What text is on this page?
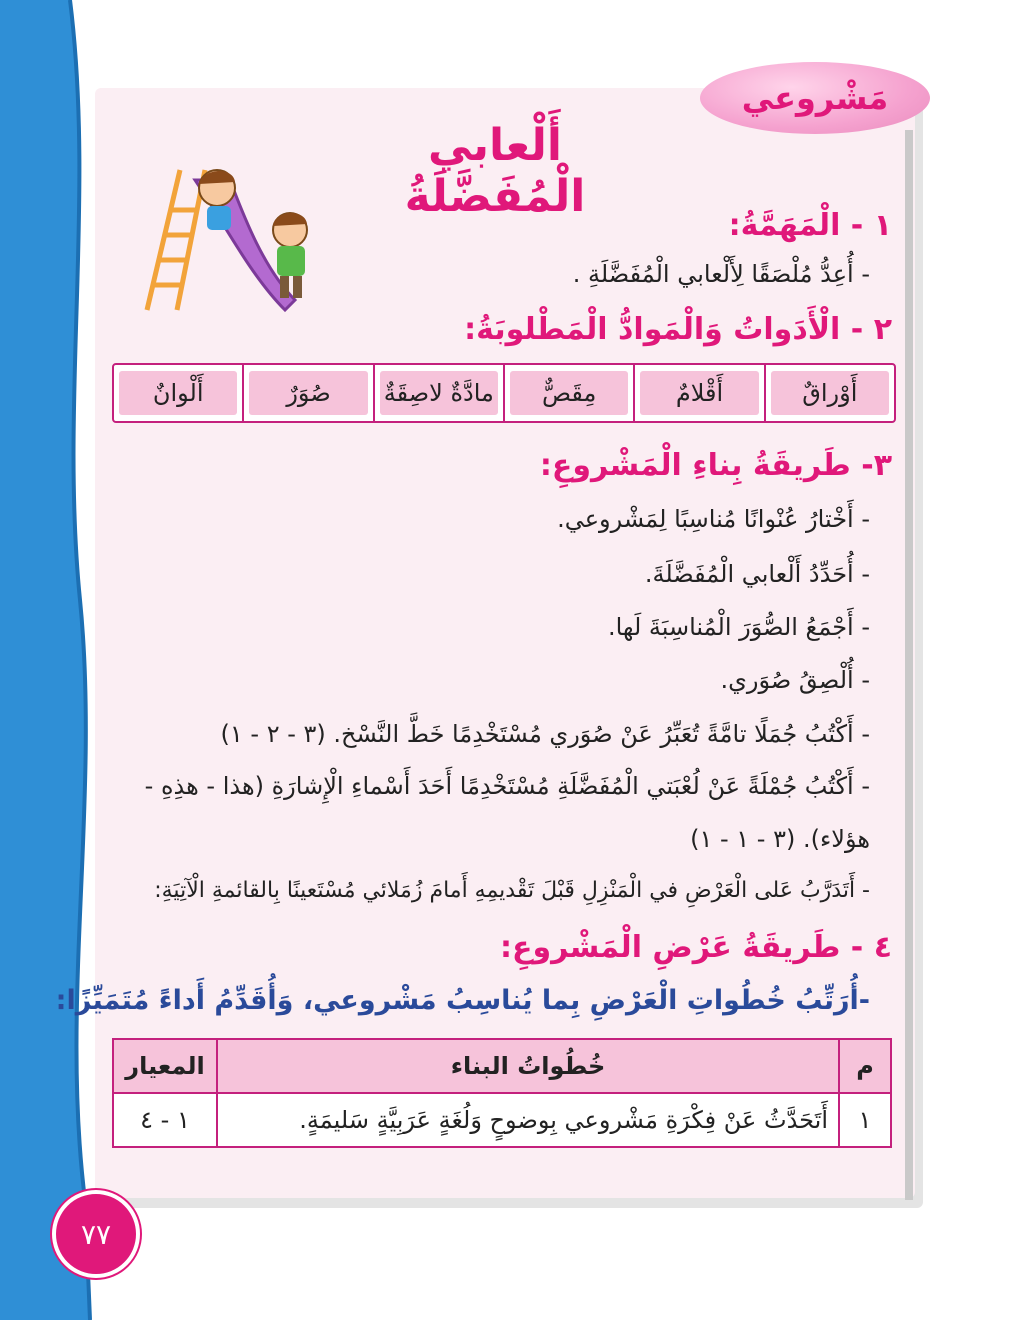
مَشْروعي
أَلْعابي الْمُفَضَّلَةُ
١ - الْمَهَمَّةُ:
- أُعِدُّ مُلْصَقًا لِأَلْعابي الْمُفَضَّلَةِ .
٢ - الْأَدَواتُ وَالْمَوادُّ الْمَطْلوبَةُ:
أَوْراقٌ
أَقْلامٌ
مِقَصٌّ
مادَّةٌ لاصِقَةٌ
صُوَرٌ
أَلْوانٌ
٣- طَريقَةُ بِناءِ الْمَشْروعِ:
- أَخْتارُ عُنْوانًا مُناسِبًا لِمَشْروعي.
- أُحَدِّدُ أَلْعابي الْمُفَضَّلَةَ.
- أَجْمَعُ الصُّوَرَ الْمُناسِبَةَ لَها.
- أُلْصِقُ صُوَري.
- أَكْتُبُ جُمَلًا تامَّةً تُعَبِّرُ عَنْ صُوَري مُسْتَخْدِمًا خَطَّ النَّسْخ. (٣ - ٢ - ١)
- أَكْتُبُ جُمْلَةً عَنْ لُعْبَتي الْمُفَضَّلَةِ مُسْتَخْدِمًا أَحَدَ أَسْماءِ الْإِشارَةِ (هذا - هذِهِ -
هؤلاء). (٣ - ١ - ١)
- أَتَدَرَّبُ عَلى الْعَرْضِ في الْمَنْزِلِ قَبْلَ تَقْديمِهِ أَمامَ زُمَلائي مُسْتَعينًا بِالقائمةِ الْآتِيَةِ:
٤ - طَريقَةُ عَرْضِ الْمَشْروعِ:
-أُرَتِّبُ خُطُواتِ الْعَرْضِ بِما يُناسِبُ مَشْروعي، وَأُقَدِّمُ أَداءً مُتَمَيِّزًا:
م	خُطُواتُ البناء	المعيار
١	أَتَحَدَّثُ عَنْ فِكْرَةِ مَشْروعي بِوضوحٍ وَلُغَةٍ عَرَبِيَّةٍ سَليمَةٍ.	١ - ٤
٧٧
